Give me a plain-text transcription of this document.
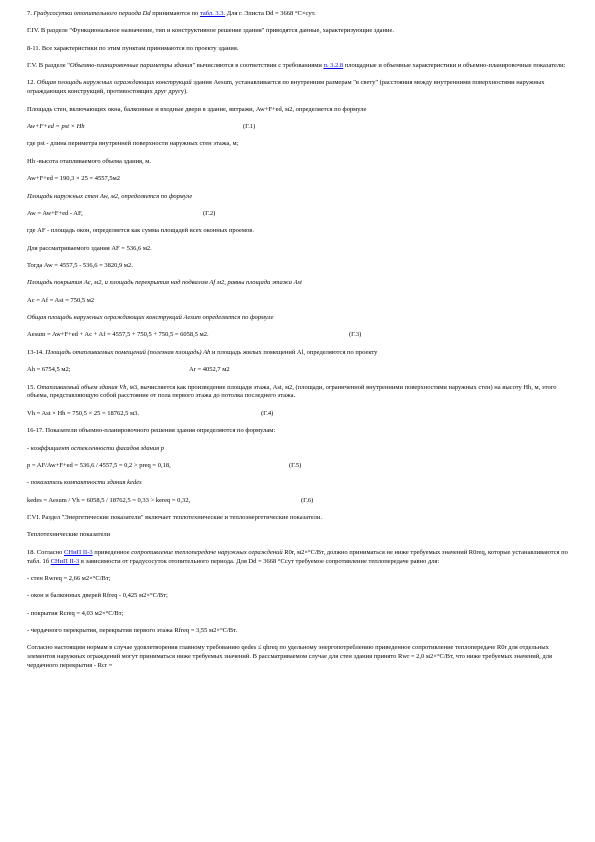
7. Градусосутки отопительного периода Dd принимаются по табл. 3.3. Для г. Элиста Dd = 3668 °С×сут.

Г.IV. В разделе "Функциональное назначение, тип и конструктивное решение здания" приводятся данные, характеризующие здание.

8-11. Все характеристики по этим пунктам принимаются по проекту здания.

Г.V. В разделе "Объемно-планировочные параметры здания" вычисляются в соответствии с требованиями п. 3.2.8 площадные и объемные характеристики и объемно-планировочные показатели:

12. Общая площадь наружных ограждающих конструкций здания Aesum, устанавливается по внутренним размерам "в свету" (расстояния между внутренними поверхностями наружных ограждающих конструкций, противостоящих друг другу).

Площадь стен, включающих окна, балконные и входные двери в здание, витражи, Aw+F+ed, м2, определяется по формуле

Aw+F+ed = pst × Hh	(Г.1)

где pst - длина периметра внутренней поверхности наружных стен этажа, м;

Hh -высота отапливаемого объема здания, м.

Aw+F+ed = 190,3 × 25 = 4557,5м2

Площадь наружных стен Aw, м2, определяется по формуле

Aw = Aw+F+ed - AF,	(Г.2)

где AF - площадь окон, определяется как сумма площадей всех оконных проемов.

Для рассматриваемого здания AF = 536,6 м2.

Тогда Aw = 4557,5 - 536,6 = 3820,9 м2.

Площадь покрытия Ac, м2, и площадь перекрытия над подвалом Af м2, равны площади этажа Ast

Ac = Af = Ast = 750,5 м2

Общая площадь наружных ограждающих конструкций Aesum определяется по формуле

Aesum = Aw+F+ed + Ac + Af = 4557,5 + 750,5 + 750,5 = 6058,5 м2.	(Г.3)

13-14. Площадь отапливаемых помещений (полезная площадь) Ah и площадь жилых помещений Al, определяются по проекту

Ah = 6754,5 м2;	Ar = 4052,7 м2

15. Отапливаемый объем здания Vh, м3, вычисляется как произведение площади этажа, Ast, м2, (площади, ограниченной внутренними поверхностями наружных стен) на высоту Hh, м, этого объема, представляющую собой расстояние от пола первого этажа до потолка последнего этажа.

Vh = Ast × Hh = 750,5 × 25 = 18762,5 м3.	(Г.4)

16-17. Показатели объемно-планировочного решения здания определяются по формулам:

- коэффициент остекленности фасадов здания p

p = AF/Aw+F+ed = 536,6 / 4557,5 = 0,2 > preq = 0,18,	(Г.5)

- показатель компактности здания kedes

kedes = Aesum / Vh = 6058,5 / 18762,5 = 0,33 > kereq = 0,32,	(Г.6)

Г.VI. Раздел "Энергетические показатели" включает теплотехнические и теплоэнергетические показатели.

Теплотехнические показатели

18. Согласно СНиП II-3 приведенное сопротивление теплопередаче наружных ограждений R0r, м2×°С/Вт, должно приниматься не ниже требуемых значений R0req, которые устанавливаются по табл. 1б СНиП II-3 в зависимости от градусосуток отопительного периода. Для Dd = 3668 °Ссут требуемое сопротивление теплопередаче равно для:

- стен Rwreq = 2,66 м2×°С/Вт;

- окон и балконных дверей Rfreq - 0,425 м2×°С/Вт;

- покрытия Rcreq = 4,03 м2×°С/Вт;

- чердачного перекрытия, перекрытия первого этажа Rfreq = 3,55 м2×°С/Вт.

Согласно настоящим нормам в случае удовлетворения главному требованию qedes ≤ qhreq по удельному энергопотреблению приведенное сопротивление теплопередаче R0r для отдельных элементов наружных ограждений могут приниматься ниже требуемых значений. В рассматриваемом случае для стен здания принято Rwr = 2,0 м2×°С/Вт, что ниже требуемых значений, для чердачного перекрытия - Rcr =
